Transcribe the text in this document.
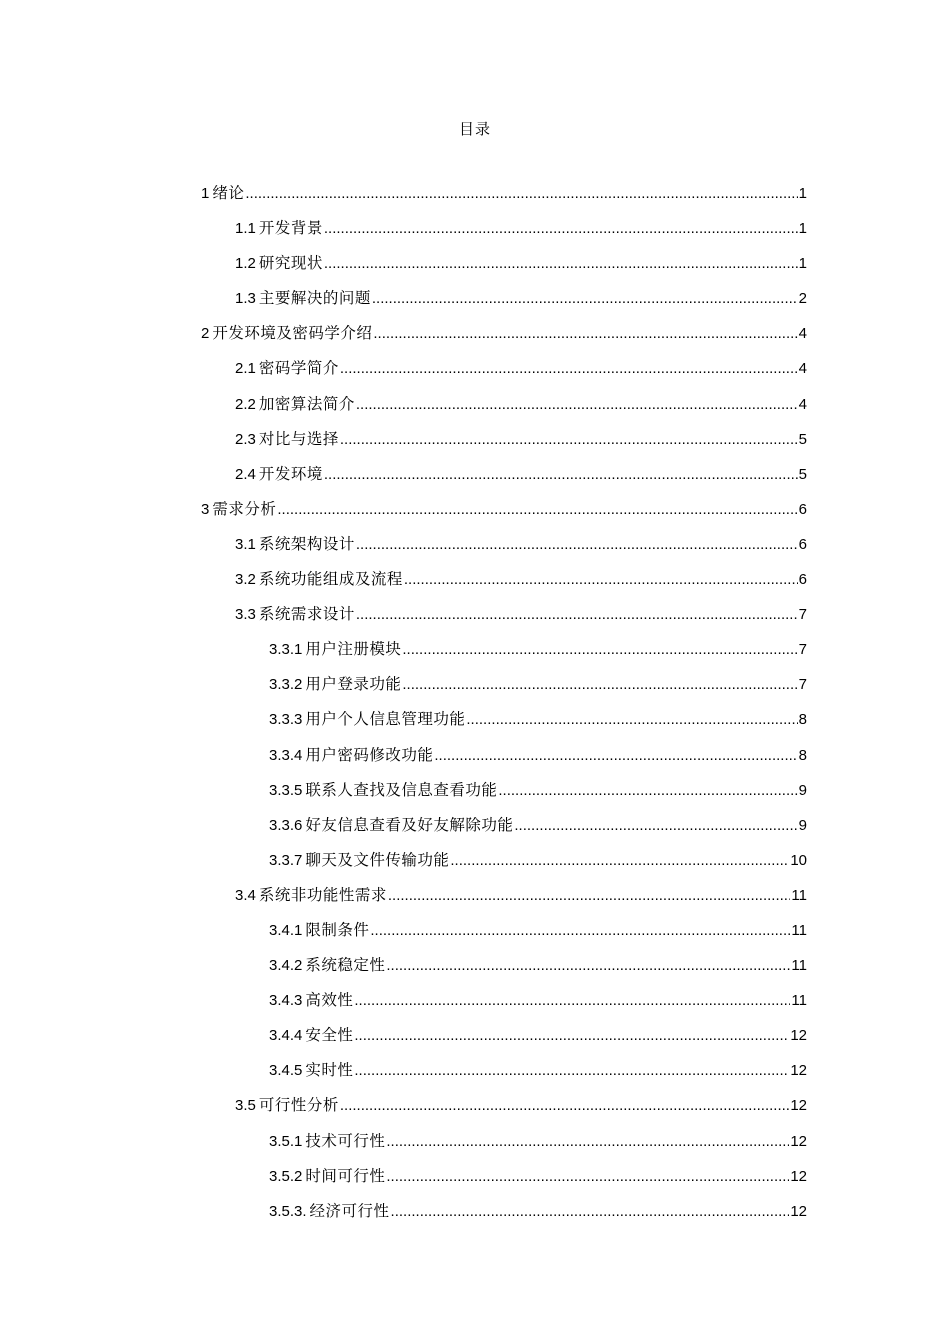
目录
1 绪论 .....	1
1.1 开发背景 .....	1
1.2 研究现状 .....	1
1.3 主要解决的问题 .....	2
2 开发环境及密码学介绍 .....	4
2.1 密码学简介 .....	4
2.2 加密算法简介 .....	4
2.3 对比与选择 .....	5
2.4 开发环境 .....	5
3 需求分析 .....	6
3.1 系统架构设计 .....	6
3.2 系统功能组成及流程 .....	6
3.3 系统需求设计 .....	7
3.3.1 用户注册模块 .....	7
3.3.2 用户登录功能 .....	7
3.3.3 用户个人信息管理功能 .....	8
3.3.4 用户密码修改功能 .....	8
3.3.5 联系人查找及信息查看功能 .....	9
3.3.6 好友信息查看及好友解除功能 .....	9
3.3.7 聊天及文件传输功能 .....	10
3.4 系统非功能性需求 .....	11
3.4.1 限制条件 .....	11
3.4.2 系统稳定性 .....	11
3.4.3 高效性 .....	11
3.4.4 安全性 .....	12
3.4.5 实时性 .....	12
3.5 可行性分析 .....	12
3.5.1 技术可行性 .....	12
3.5.2 时间可行性 .....	12
3.5.3. 经济可行性 .....	12
